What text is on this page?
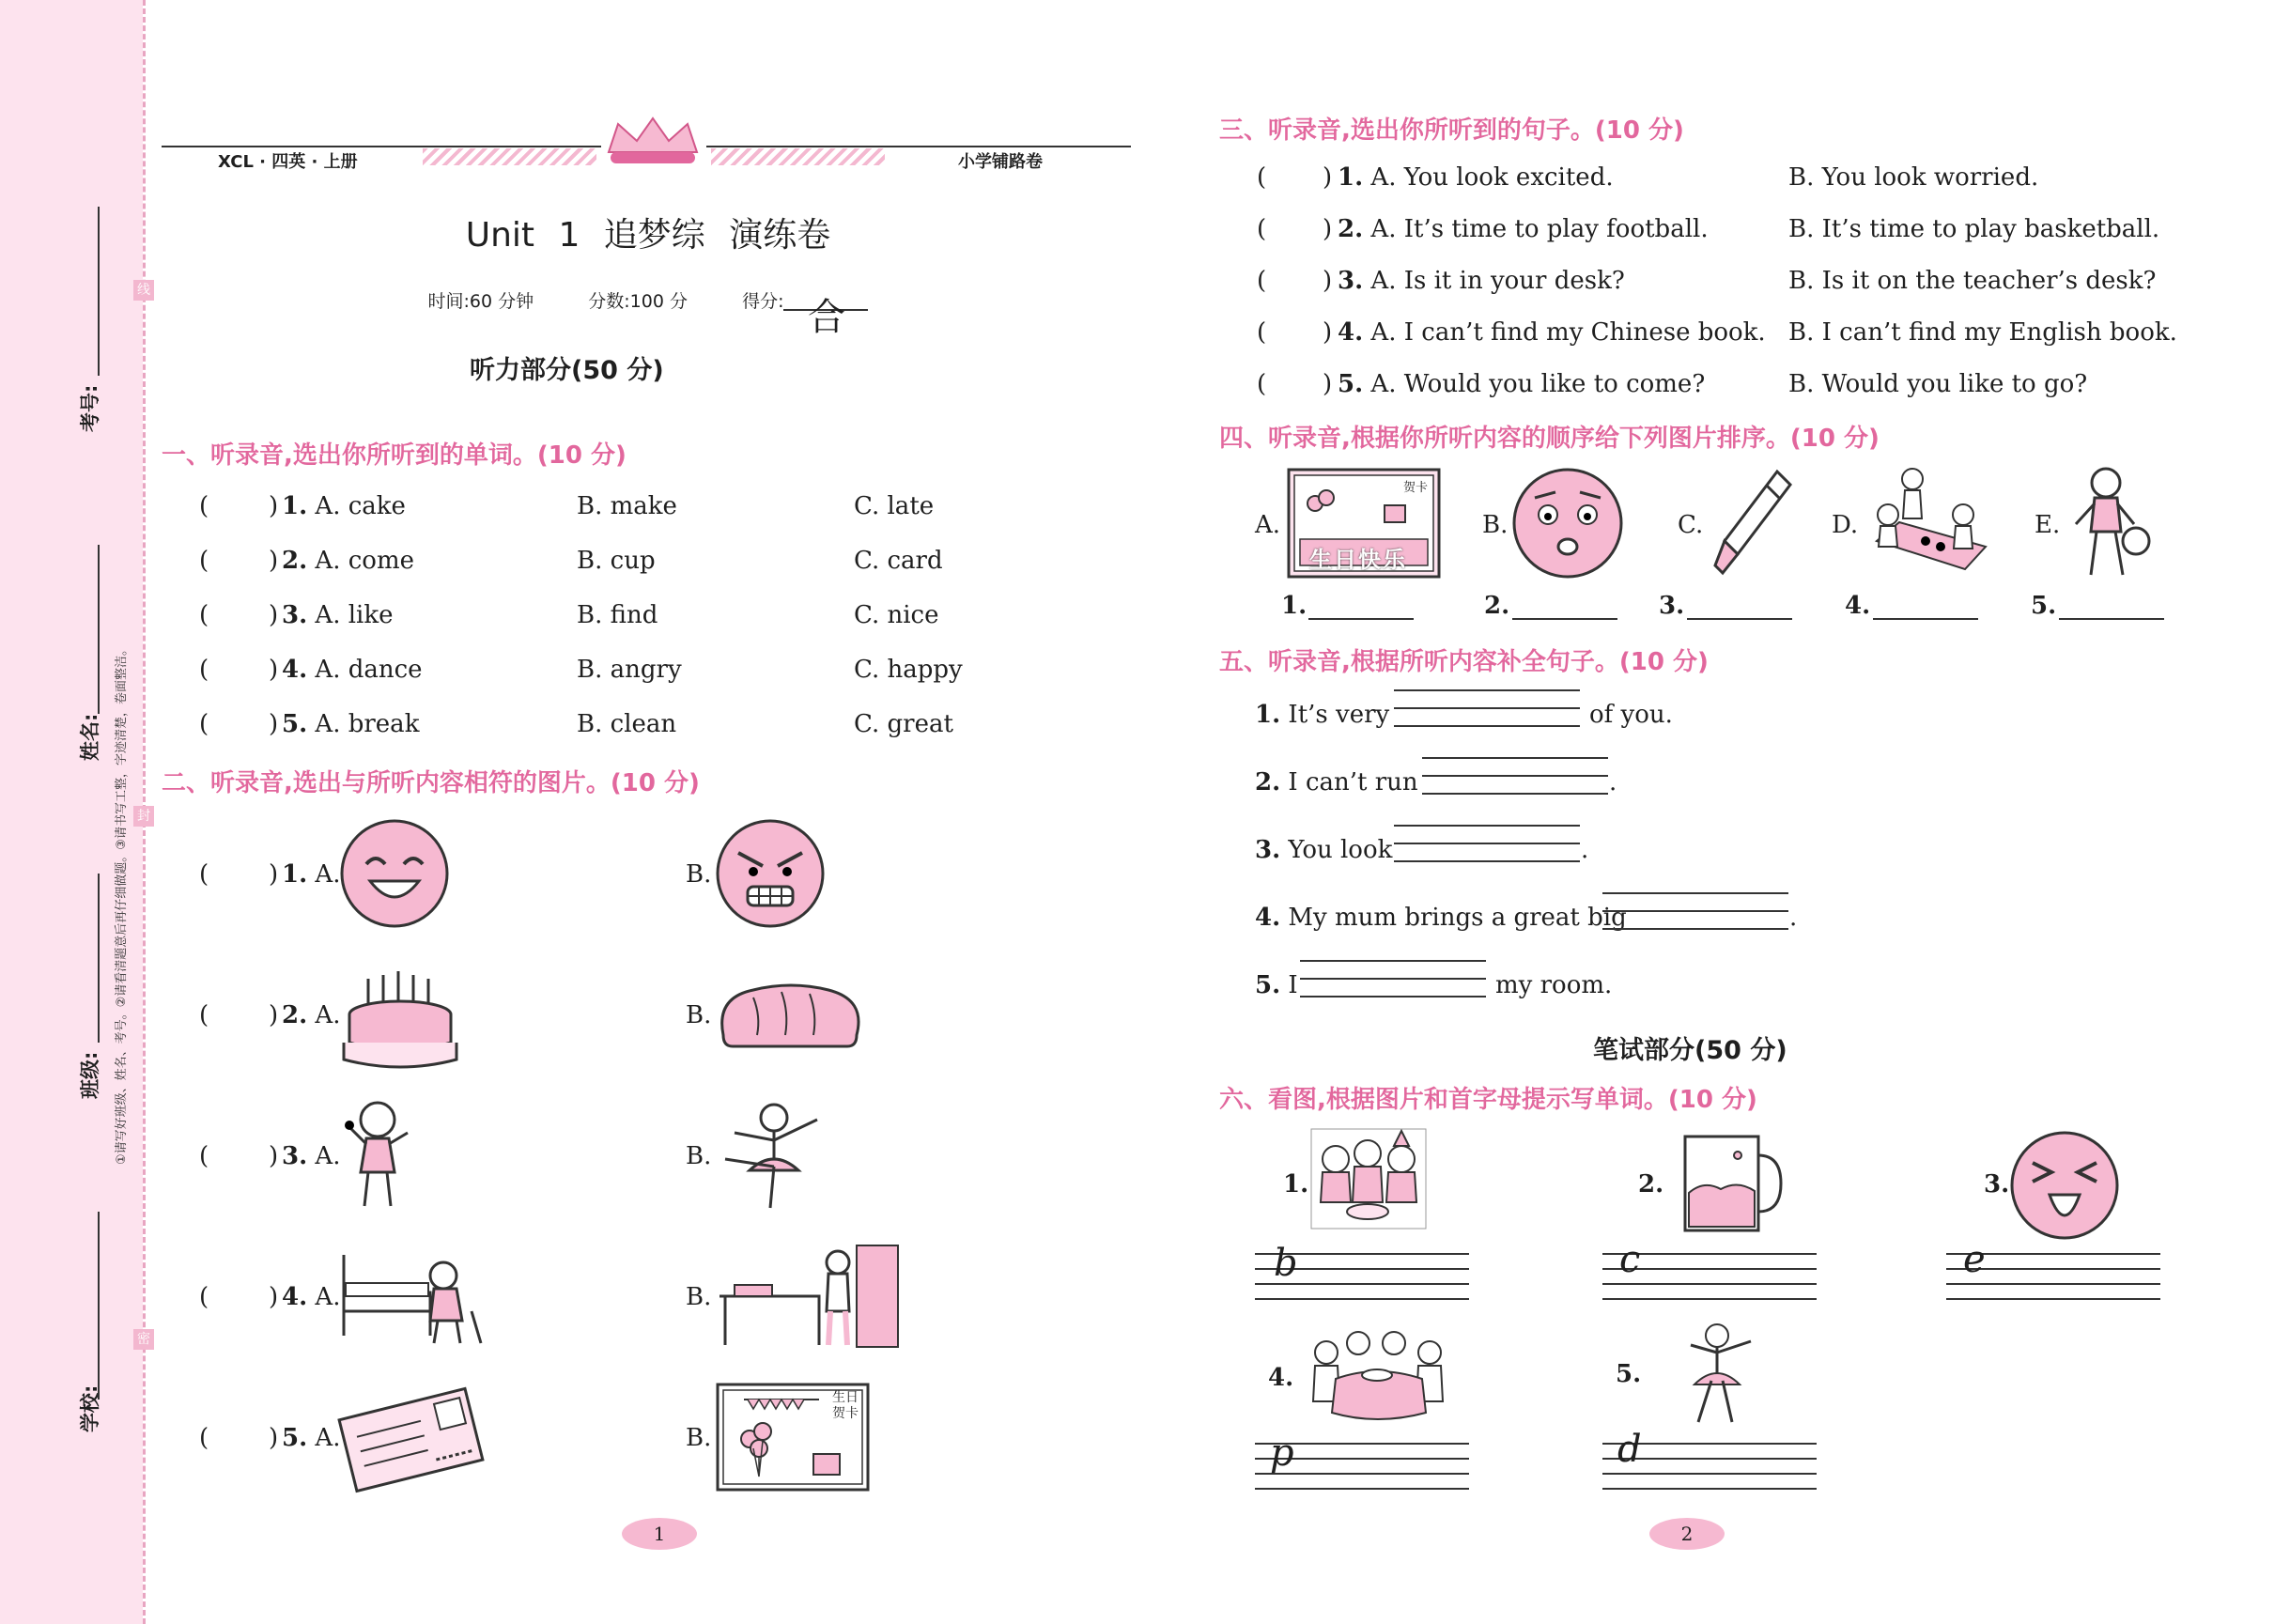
学校:
班级:
姓名:
考号:
①请写好班级、姓名、考号。②请看清题意后再仔细做题。③请书写工整，字迹清楚，卷面整洁。
线
封
密
XCL · 四英 · 上册	小学铺路卷
Unit 1 追梦综 演练卷
时间:60 分钟	分数:100 分	得分: 合
听力部分(50 分)
一、听录音,选出你所听到的单词。(10 分)
( ) 1. A. cake	B. make	C. late
( ) 2. A. come	B. cup	C. card
( ) 3. A. like	B. find	C. nice
( ) 4. A. dance	B. angry	C. happy
( ) 5. A. break	B. clean	C. great
二、听录音,选出与所听内容相符的图片。(10 分)
( ) 1. A.	B.
( ) 2. A.	B.
( ) 3. A.	B.
( ) 4. A.	B.
( ) 5. A.	B.
生日
贺卡
三、听录音,选出你所听到的句子。(10 分)
( ) 1. A. You look excited.	B. You look worried.
( ) 2. A. It’s time to play football.	B. It’s time to play basketball.
( ) 3. A. Is it in your desk?	B. Is it on the teacher’s desk?
( ) 4. A. I can’t find my Chinese book. B. I can’t find my English book.
( ) 5. A. Would you like to come?	B. Would you like to go?
四、听录音,根据你所听内容的顺序给下列图片排序。(10 分)
A.
贺卡
生日快乐
B.	C.	D.	E.
1.	2.	3.	4.	5.
五、听录音,根据所听内容补全句子。(10 分)
1. It’s very	of you.
2. I can’t run	.
3. You look	.
4. My mum brings a great big	.
5. I	my room.
笔试部分(50 分)
六、看图,根据图片和首字母提示写单词。(10 分)
1.
b
2.
c
3.
e
4.
p
5.
d
1	2
